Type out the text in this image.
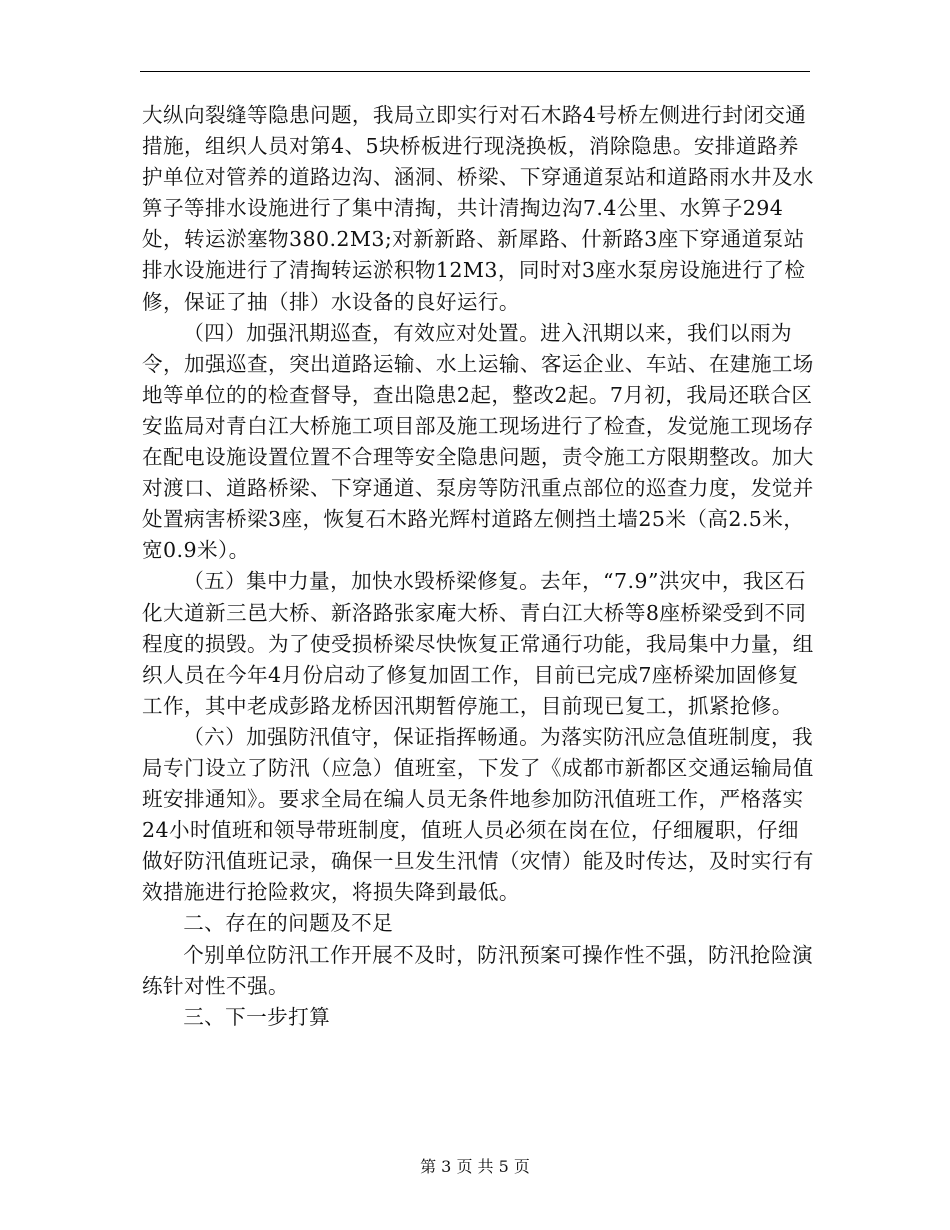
大纵向裂缝等隐患问题，我局立即实行对石木路4号桥左侧进行封闭交通措施，组织人员对第4、5块桥板进行现浇换板，消除隐患。安排道路养护单位对管养的道路边沟、涵洞、桥梁、下穿通道泵站和道路雨水井及水箅子等排水设施进行了集中清掏，共计清掏边沟7.4公里、水箅子294处，转运淤塞物380.2M3;对新新路、新犀路、什新路3座下穿通道泵站排水设施进行了清掏转运淤积物12M3，同时对3座水泵房设施进行了检修，保证了抽（排）水设备的良好运行。

（四）加强汛期巡查，有效应对处置。进入汛期以来，我们以雨为令，加强巡查，突出道路运输、水上运输、客运企业、车站、在建施工场地等单位的的检查督导，查出隐患2起，整改2起。7月初，我局还联合区安监局对青白江大桥施工项目部及施工现场进行了检查，发觉施工现场存在配电设施设置位置不合理等安全隐患问题，责令施工方限期整改。加大对渡口、道路桥梁、下穿通道、泵房等防汛重点部位的巡查力度，发觉并处置病害桥梁3座，恢复石木路光辉村道路左侧挡土墙25米（高2.5米，宽0.9米）。

（五）集中力量，加快水毁桥梁修复。去年，“7.9”洪灾中，我区石化大道新三邑大桥、新洛路张家庵大桥、青白江大桥等8座桥梁受到不同程度的损毁。为了使受损桥梁尽快恢复正常通行功能，我局集中力量，组织人员在今年4月份启动了修复加固工作，目前已完成7座桥梁加固修复工作，其中老成彭路龙桥因汛期暂停施工，目前现已复工，抓紧抢修。

（六）加强防汛值守，保证指挥畅通。为落实防汛应急值班制度，我局专门设立了防汛（应急）值班室，下发了《成都市新都区交通运输局值班安排通知》。要求全局在编人员无条件地参加防汛值班工作，严格落实24小时值班和领导带班制度，值班人员必须在岗在位，仔细履职，仔细做好防汛值班记录，确保一旦发生汛情（灾情）能及时传达，及时实行有效措施进行抢险救灾，将损失降到最低。

二、存在的问题及不足

个别单位防汛工作开展不及时，防汛预案可操作性不强，防汛抢险演练针对性不强。

三、下一步打算

第 3 页 共 5 页
